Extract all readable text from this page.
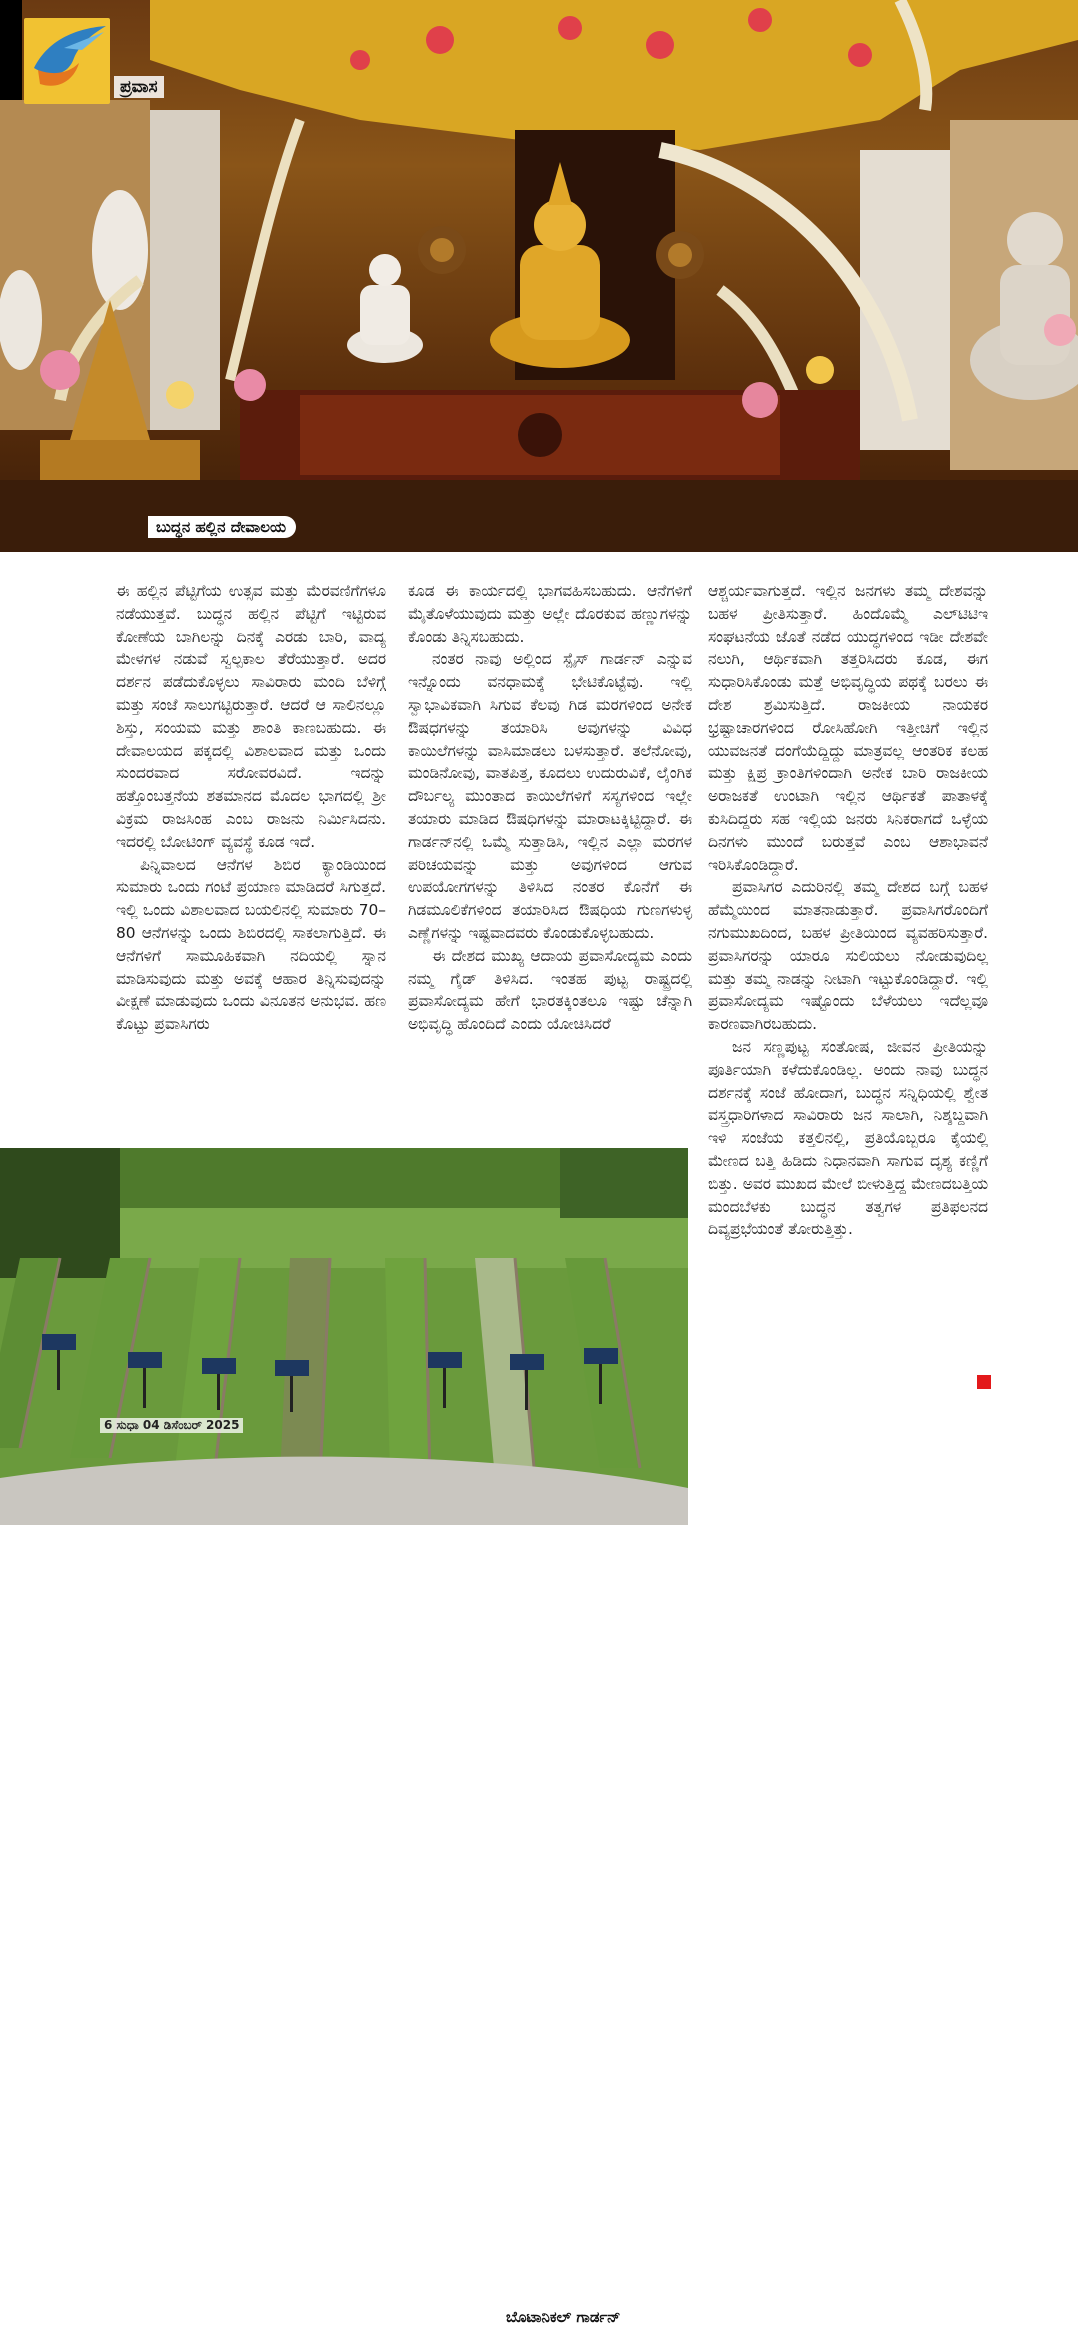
ಪ್ರವಾಸ
ಬುದ್ಧನ ಹಲ್ಲಿನ ದೇವಾಲಯ

ಈ ಹಲ್ಲಿನ ಪೆಟ್ಟಿಗೆಯ ಉತ್ಸವ ಮತ್ತು ಮೆರವಣಿಗೆಗಳೂ ನಡೆಯುತ್ತವೆ. ಬುದ್ಧನ ಹಲ್ಲಿನ ಪೆಟ್ಟಿಗೆ ಇಟ್ಟಿರುವ ಕೋಣೆಯ ಬಾಗಿಲನ್ನು ದಿನಕ್ಕೆ ಎರಡು ಬಾರಿ, ವಾದ್ಯ ಮೇಳಗಳ ನಡುವೆ ಸ್ವಲ್ಪಕಾಲ ತೆರೆಯುತ್ತಾರೆ. ಅದರ ದರ್ಶನ ಪಡೆದುಕೊಳ್ಳಲು ಸಾವಿರಾರು ಮಂದಿ ಬೆಳಿಗ್ಗೆ ಮತ್ತು ಸಂಜೆ ಸಾಲುಗಟ್ಟಿರುತ್ತಾರೆ. ಆದರೆ ಆ ಸಾಲಿನಲ್ಲೂ ಶಿಸ್ತು, ಸಂಯಮ ಮತ್ತು ಶಾಂತಿ ಕಾಣಬಹುದು. ಈ ದೇವಾಲಯದ ಪಕ್ಕದಲ್ಲಿ ವಿಶಾಲವಾದ ಮತ್ತು ಒಂದು ಸುಂದರವಾದ ಸರೋವರವಿದೆ. ಇದನ್ನು ಹತ್ತೊಂಬತ್ತನೆಯ ಶತಮಾನದ ಮೊದಲ ಭಾಗದಲ್ಲಿ ಶ್ರೀ ವಿಕ್ರಮ ರಾಜಸಿಂಹ ಎಂಬ ರಾಜನು ನಿರ್ಮಿಸಿದನು. ಇದರಲ್ಲಿ ಬೋಟಿಂಗ್ ವ್ಯವಸ್ಥೆ ಕೂಡ ಇದೆ.

ಪಿನ್ನಿವಾಲದ ಆನೆಗಳ ಶಿಬಿರ ಕ್ಯಾಂಡಿಯಿಂದ ಸುಮಾರು ಒಂದು ಗಂಟೆ ಪ್ರಯಾಣ ಮಾಡಿದರೆ ಸಿಗುತ್ತದೆ. ಇಲ್ಲಿ ಒಂದು ವಿಶಾಲವಾದ ಬಯಲಿನಲ್ಲಿ ಸುಮಾರು 70–80 ಆನೆಗಳನ್ನು ಒಂದು ಶಿಬಿರದಲ್ಲಿ ಸಾಕಲಾಗುತ್ತಿದೆ. ಈ ಆನೆಗಳಿಗೆ ಸಾಮೂಹಿಕವಾಗಿ ನದಿಯಲ್ಲಿ ಸ್ನಾನ ಮಾಡಿಸುವುದು ಮತ್ತು ಅವಕ್ಕೆ ಆಹಾರ ತಿನ್ನಿಸುವುದನ್ನು ವೀಕ್ಷಣೆ ಮಾಡುವುದು ಒಂದು ವಿನೂತನ ಅನುಭವ. ಹಣ ಕೊಟ್ಟು ಪ್ರವಾಸಿಗರು

ಕೂಡ ಈ ಕಾರ್ಯದಲ್ಲಿ ಭಾಗವಹಿಸಬಹುದು. ಆನೆಗಳಿಗೆ ಮೈತೊಳೆಯುವುದು ಮತ್ತು ಅಲ್ಲೇ ದೊರಕುವ ಹಣ್ಣುಗಳನ್ನು ಕೊಂಡು ತಿನ್ನಿಸಬಹುದು.

ನಂತರ ನಾವು ಅಲ್ಲಿಂದ ಸ್ಪೈಸ್ ಗಾರ್ಡನ್ ಎನ್ನುವ ಇನ್ನೊಂದು ವನಧಾಮಕ್ಕೆ ಭೇಟಿಕೊಟ್ಟೆವು. ಇಲ್ಲಿ ಸ್ವಾಭಾವಿಕವಾಗಿ ಸಿಗುವ ಕೆಲವು ಗಿಡ ಮರಗಳಿಂದ ಅನೇಕ ಔಷಧಗಳನ್ನು ತಯಾರಿಸಿ ಅವುಗಳನ್ನು ವಿವಿಧ ಕಾಯಿಲೆಗಳನ್ನು ವಾಸಿಮಾಡಲು ಬಳಸುತ್ತಾರೆ. ತಲೆನೋವು, ಮಂಡಿನೋವು, ವಾತಪಿತ್ತ, ಕೂದಲು ಉದುರುವಿಕೆ, ಲೈಂಗಿಕ ದೌರ್ಬಲ್ಯ ಮುಂತಾದ ಕಾಯಿಲೆಗಳಿಗೆ ಸಸ್ಯಗಳಿಂದ ಇಲ್ಲೇ ತಯಾರು ಮಾಡಿದ ಔಷಧಿಗಳನ್ನು ಮಾರಾಟಕ್ಕಿಟ್ಟಿದ್ದಾರೆ. ಈ ಗಾರ್ಡನ್‌ನಲ್ಲಿ ಒಮ್ಮೆ ಸುತ್ತಾಡಿಸಿ, ಇಲ್ಲಿನ ಎಲ್ಲಾ ಮರಗಳ ಪರಿಚಯವನ್ನು ಮತ್ತು ಅವುಗಳಿಂದ ಆಗುವ ಉಪಯೋಗಗಳನ್ನು ತಿಳಿಸಿದ ನಂತರ ಕೊನೆಗೆ ಈ ಗಿಡಮೂಲಿಕೆಗಳಿಂದ ತಯಾರಿಸಿದ ಔಷಧಿಯ ಗುಣಗಳುಳ್ಳ ಎಣ್ಣೆಗಳನ್ನು ಇಷ್ಟವಾದವರು ಕೊಂಡುಕೊಳ್ಳಬಹುದು.

ಈ ದೇಶದ ಮುಖ್ಯ ಆದಾಯ ಪ್ರವಾಸೋದ್ಯಮ ಎಂದು ನಮ್ಮ ಗೈಡ್ ತಿಳಿಸಿದ. ಇಂತಹ ಪುಟ್ಟ ರಾಷ್ಟ್ರದಲ್ಲಿ ಪ್ರವಾಸೋದ್ಯಮ ಹೇಗೆ ಭಾರತಕ್ಕಿಂತಲೂ ಇಷ್ಟು ಚೆನ್ನಾಗಿ ಅಭಿವೃದ್ಧಿ ಹೊಂದಿದೆ ಎಂದು ಯೋಚಿಸಿದರೆ

ಆಶ್ಚರ್ಯವಾಗುತ್ತದೆ. ಇಲ್ಲಿನ ಜನಗಳು ತಮ್ಮ ದೇಶವನ್ನು ಬಹಳ ಪ್ರೀತಿಸುತ್ತಾರೆ. ಹಿಂದೊಮ್ಮೆ ಎಲ್‌ಟಿಟಿಇ ಸಂಘಟನೆಯ ಜೊತೆ ನಡೆದ ಯುದ್ಧಗಳಿಂದ ಇಡೀ ದೇಶವೇ ನಲುಗಿ, ಆರ್ಥಿಕವಾಗಿ ತತ್ತರಿಸಿದರು ಕೂಡ, ಈಗ ಸುಧಾರಿಸಿಕೊಂಡು ಮತ್ತೆ ಅಭಿವೃದ್ಧಿಯ ಪಥಕ್ಕೆ ಬರಲು ಈ ದೇಶ ಶ್ರಮಿಸುತ್ತಿದೆ. ರಾಜಕೀಯ ನಾಯಕರ ಭ್ರಷ್ಟಾಚಾರಗಳಿಂದ ರೋಸಿಹೋಗಿ ಇತ್ತೀಚಿಗೆ ಇಲ್ಲಿನ ಯುವಜನತೆ ದಂಗೆಯೆದ್ದಿದ್ದು ಮಾತ್ರವಲ್ಲ ಆಂತರಿಕ ಕಲಹ ಮತ್ತು ಕ್ಷಿಪ್ರ ಕ್ರಾಂತಿಗಳಿಂದಾಗಿ ಅನೇಕ ಬಾರಿ ರಾಜಕೀಯ ಅರಾಜಕತೆ ಉಂಟಾಗಿ ಇಲ್ಲಿನ ಆರ್ಥಿಕತೆ ಪಾತಾಳಕ್ಕೆ ಕುಸಿದಿದ್ದರು ಸಹ ಇಲ್ಲಿಯ ಜನರು ಸಿನಿಕರಾಗದೆ ಒಳ್ಳೆಯ ದಿನಗಳು ಮುಂದೆ ಬರುತ್ತವೆ ಎಂಬ ಆಶಾಭಾವನೆ ಇರಿಸಿಕೊಂಡಿದ್ದಾರೆ.

ಪ್ರವಾಸಿಗರ ಎದುರಿನಲ್ಲಿ ತಮ್ಮ ದೇಶದ ಬಗ್ಗೆ ಬಹಳ ಹೆಮ್ಮೆಯಿಂದ ಮಾತನಾಡುತ್ತಾರೆ. ಪ್ರವಾಸಿಗರೊಂದಿಗೆ ನಗುಮುಖದಿಂದ, ಬಹಳ ಪ್ರೀತಿಯಿಂದ ವ್ಯವಹರಿಸುತ್ತಾರೆ. ಪ್ರವಾಸಿಗರನ್ನು ಯಾರೂ ಸುಲಿಯಲು ನೋಡುವುದಿಲ್ಲ ಮತ್ತು ತಮ್ಮ ನಾಡನ್ನು ನೀಟಾಗಿ ಇಟ್ಟುಕೊಂಡಿದ್ದಾರೆ. ಇಲ್ಲಿ ಪ್ರವಾಸೋದ್ಯಮ ಇಷ್ಟೊಂದು ಬೆಳೆಯಲು ಇದೆಲ್ಲವೂ ಕಾರಣವಾಗಿರಬಹುದು.

ಜನ ಸಣ್ಣಪುಟ್ಟ ಸಂತೋಷ, ಜೀವನ ಪ್ರೀತಿಯನ್ನು ಪೂರ್ತಿಯಾಗಿ ಕಳೆದುಕೊಂಡಿಲ್ಲ. ಅಂದು ನಾವು ಬುದ್ಧನ ದರ್ಶನಕ್ಕೆ ಸಂಜೆ ಹೋದಾಗ, ಬುದ್ಧನ ಸನ್ನಿಧಿಯಲ್ಲಿ ಶ್ವೇತ ವಸ್ತ್ರಧಾರಿಗಳಾದ ಸಾವಿರಾರು ಜನ ಸಾಲಾಗಿ, ನಿಶ್ಶಬ್ದವಾಗಿ ಇಳಿ ಸಂಜೆಯ ಕತ್ತಲಿನಲ್ಲಿ, ಪ್ರತಿಯೊಬ್ಬರೂ ಕೈಯಲ್ಲಿ ಮೇಣದ ಬತ್ತಿ ಹಿಡಿದು ನಿಧಾನವಾಗಿ ಸಾಗುವ ದೃಶ್ಯ ಕಣ್ಣಿಗೆ ಬಿತ್ತು. ಅವರ ಮುಖದ ಮೇಲೆ ಬೀಳುತ್ತಿದ್ದ ಮೇಣದಬತ್ತಿಯ ಮಂದಬೆಳಕು ಬುದ್ಧನ ತತ್ವಗಳ ಪ್ರತಿಫಲನದ ದಿವ್ಯಪ್ರಭೆಯಂತೆ ತೋರುತ್ತಿತ್ತು.

ಬೊಟಾನಿಕಲ್ ಗಾರ್ಡನ್
6 ಸುಧಾ 04 ಡಿಸೆಂಬರ್ 2025
